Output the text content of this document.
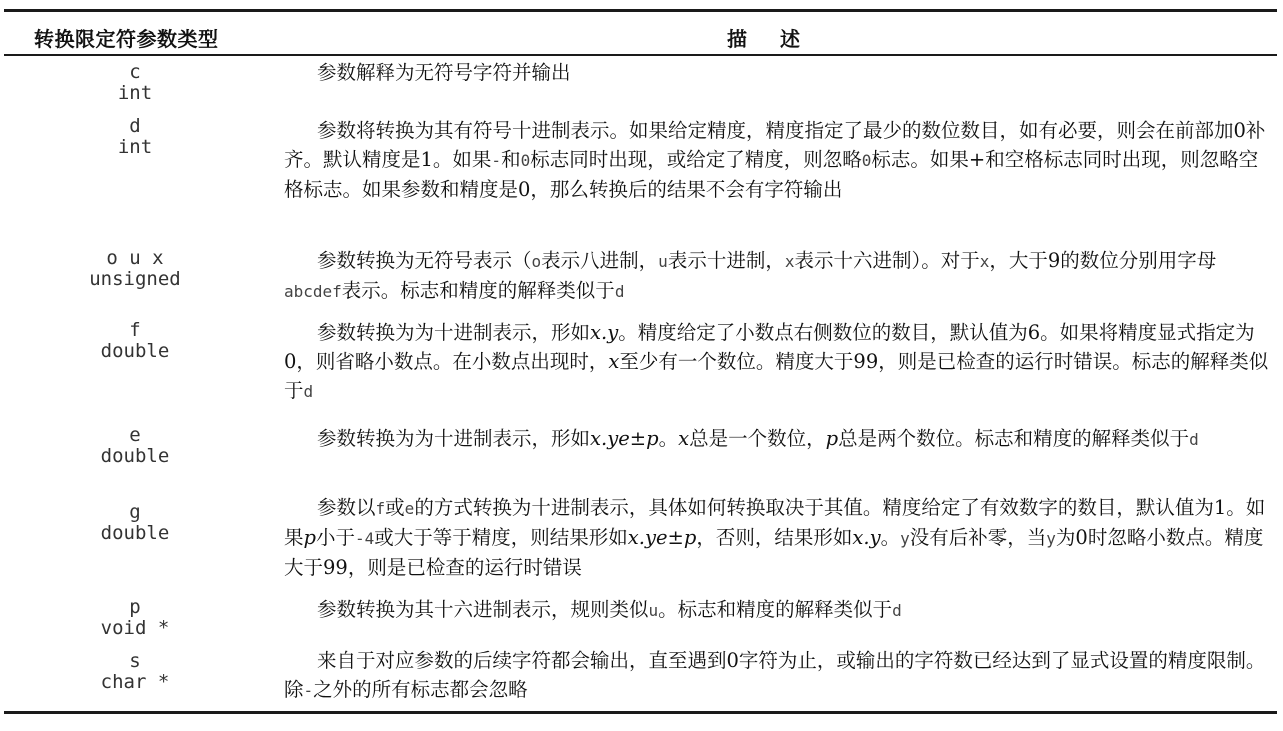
转换限定符参数类型	描述
c
int
参数解释为无符号字符并输出
d
int
参数将转换为其有符号十进制表示。如果给定精度，精度指定了最少的数位数目，如有必要，则会在前部加0补齐。默认精度是1。如果-和0标志同时出现，或给定了精度，则忽略0标志。如果+和空格标志同时出现，则忽略空格标志。如果参数和精度是0，那么转换后的结果不会有字符输出
o u x
unsigned
参数转换为无符号表示（o表示八进制，u表示十进制，x表示十六进制）。对于x，大于9的数位分别用字母abcdef表示。标志和精度的解释类似于d
f
double
参数转换为为十进制表示，形如x.y。精度给定了小数点右侧数位的数目，默认值为6。如果将精度显式指定为0，则省略小数点。在小数点出现时，x至少有一个数位。精度大于99，则是已检查的运行时错误。标志的解释类似于d
e
double
参数转换为为十进制表示，形如x.ye±p。x总是一个数位，p总是两个数位。标志和精度的解释类似于d
g
double
参数以f或e的方式转换为十进制表示，具体如何转换取决于其值。精度给定了有效数字的数目，默认值为1。如果p小于-4或大于等于精度，则结果形如x.ye±p，否则，结果形如x.y。y没有后补零，当y为0时忽略小数点。精度大于99，则是已检查的运行时错误
p
void *
参数转换为其十六进制表示，规则类似u。标志和精度的解释类似于d
s
char *
来自于对应参数的后续字符都会输出，直至遇到0字符为止，或输出的字符数已经达到了显式设置的精度限制。除-之外的所有标志都会忽略
